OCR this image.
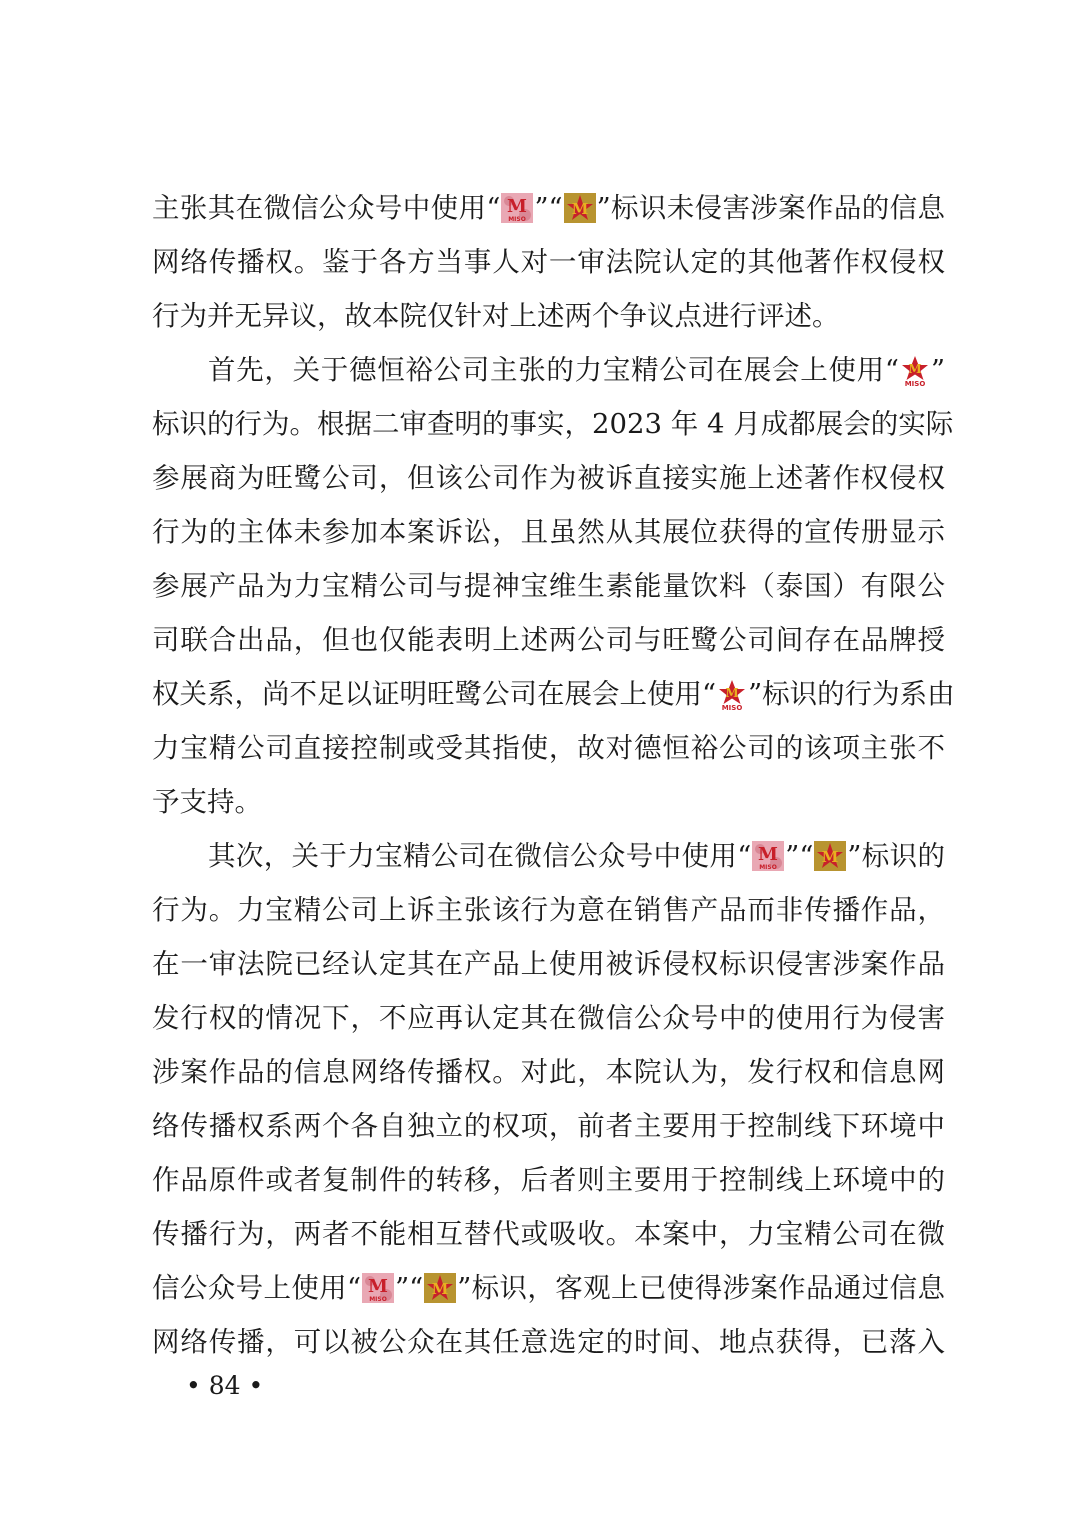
主张其在微信公众号中使用“ M
MISO ”“ M ”标识未侵害涉案作品的信息
网络传播权。鉴于各方当事人对一审法院认定的其他著作权侵权
行为并无异议，故本院仅针对上述两个争议点进行评述。
首先，关于德恒裕公司主张的力宝精公司在展会上使用“ M
MISO ”
标识的行为。根据二审查明的事实，2023 年 4 月成都展会的实际
参展商为旺鹭公司，但该公司作为被诉直接实施上述著作权侵权
行为的主体未参加本案诉讼，且虽然从其展位获得的宣传册显示
参展产品为力宝精公司与提神宝维生素能量饮料（泰国）有限公
司联合出品，但也仅能表明上述两公司与旺鹭公司间存在品牌授
权关系，尚不足以证明旺鹭公司在展会上使用“ M
MISO ”标识的行为系由
力宝精公司直接控制或受其指使，故对德恒裕公司的该项主张不
予支持。
其次，关于力宝精公司在微信公众号中使用“ M
MISO ”“ M ”标识的
行为。力宝精公司上诉主张该行为意在销售产品而非传播作品，
在一审法院已经认定其在产品上使用被诉侵权标识侵害涉案作品
发行权的情况下，不应再认定其在微信公众号中的使用行为侵害
涉案作品的信息网络传播权。对此，本院认为，发行权和信息网
络传播权系两个各自独立的权项，前者主要用于控制线下环境中
作品原件或者复制件的转移，后者则主要用于控制线上环境中的
传播行为，两者不能相互替代或吸收。本案中，力宝精公司在微
信公众号上使用“ M
MISO ”“ M ”标识，客观上已使得涉案作品通过信息
网络传播，可以被公众在其任意选定的时间、地点获得，已落入
• 84 •
